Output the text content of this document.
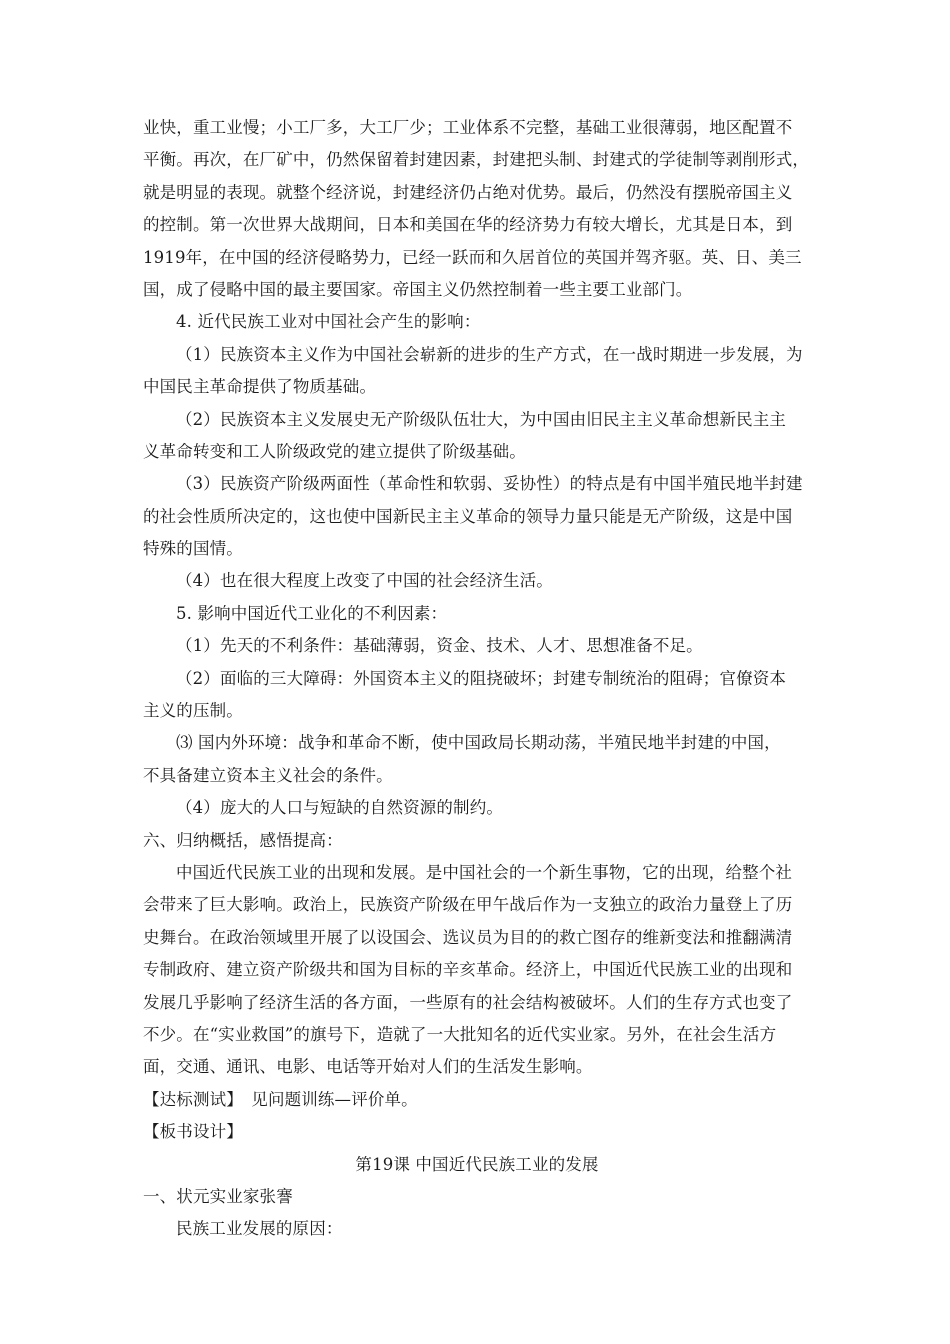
业快，重工业慢；小工厂多，大工厂少；工业体系不完整，基础工业很薄弱，地区配置不
平衡。再次，在厂矿中，仍然保留着封建因素，封建把头制、封建式的学徒制等剥削形式，
就是明显的表现。就整个经济说，封建经济仍占绝对优势。最后，仍然没有摆脱帝国主义
的控制。第一次世界大战期间，日本和美国在华的经济势力有较大增长，尤其是日本，到
1919年，在中国的经济侵略势力，已经一跃而和久居首位的英国并驾齐驱。英、日、美三
国，成了侵略中国的最主要国家。帝国主义仍然控制着一些主要工业部门。
4. 近代民族工业对中国社会产生的影响：
（1）民族资本主义作为中国社会崭新的进步的生产方式，在一战时期进一步发展，为
中国民主革命提供了物质基础。
（2）民族资本主义发展史无产阶级队伍壮大，为中国由旧民主主义革命想新民主主
义革命转变和工人阶级政党的建立提供了阶级基础。
（3）民族资产阶级两面性（革命性和软弱、妥协性）的特点是有中国半殖民地半封建
的社会性质所决定的，这也使中国新民主主义革命的领导力量只能是无产阶级，这是中国
特殊的国情。
（4）也在很大程度上改变了中国的社会经济生活。
5. 影响中国近代工业化的不利因素：
（1）先天的不利条件：基础薄弱，资金、技术、人才、思想准备不足。
（2）面临的三大障碍：外国资本主义的阻挠破坏；封建专制统治的阻碍；官僚资本
主义的压制。
⑶ 国内外环境：战争和革命不断，使中国政局长期动荡，半殖民地半封建的中国，
不具备建立资本主义社会的条件。
（4）庞大的人口与短缺的自然资源的制约。
六、归纳概括，感悟提高：
中国近代民族工业的出现和发展。是中国社会的一个新生事物，它的出现，给整个社
会带来了巨大影响。政治上，民族资产阶级在甲午战后作为一支独立的政治力量登上了历
史舞台。在政治领域里开展了以设国会、选议员为目的的救亡图存的维新变法和推翻满清
专制政府、建立资产阶级共和国为目标的辛亥革命。经济上，中国近代民族工业的出现和
发展几乎影响了经济生活的各方面，一些原有的社会结构被破坏。人们的生存方式也变了
不少。在“实业救国”的旗号下，造就了一大批知名的近代实业家。另外，在社会生活方
面，交通、通讯、电影、电话等开始对人们的生活发生影响。
【达标测试】　见问题训练—评价单。
【板书设计】
第19课 中国近代民族工业的发展
一、状元实业家张謇
民族工业发展的原因：
